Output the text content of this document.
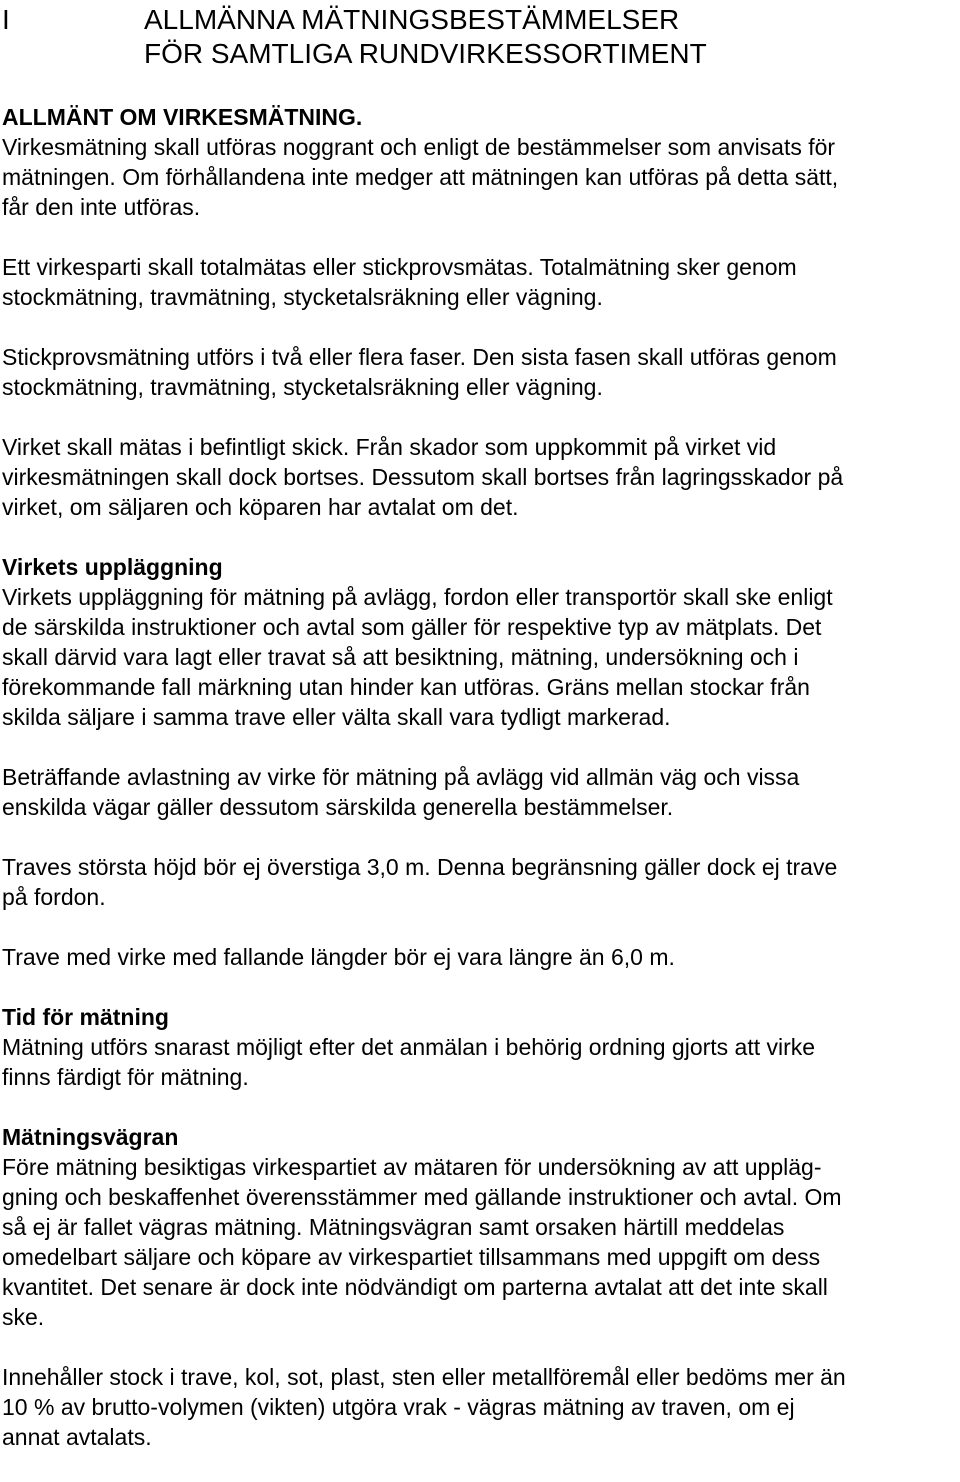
I	ALLMÄNNA MÄTNINGSBESTÄMMELSER
FÖR SAMTLIGA RUNDVIRKESSORTIMENT
ALLMÄNT OM VIRKESMÄTNING.
Virkesmätning skall utföras noggrant och enligt de bestämmelser som anvisats för
mätningen. Om förhållandena inte medger att mätningen kan utföras på detta sätt,
får den inte utföras.
Ett virkesparti skall totalmätas eller stickprovsmätas. Totalmätning sker genom
stockmätning, travmätning, stycketalsräkning eller vägning.
Stickprovsmätning utförs i två eller flera faser. Den sista fasen skall utföras genom
stockmätning, travmätning, stycketalsräkning eller vägning.
Virket skall mätas i befintligt skick. Från skador som uppkommit på virket vid
virkesmätningen skall dock bortses. Dessutom skall bortses från lagringsskador på
virket, om säljaren och köparen har avtalat om det.
Virkets uppläggning
Virkets uppläggning för mätning på avlägg, fordon eller transportör skall ske enligt
de särskilda instruktioner och avtal som gäller för respektive typ av mätplats. Det
skall därvid vara lagt eller travat så att besiktning, mätning, undersökning och i
förekommande fall märkning utan hinder kan utföras. Gräns mellan stockar från
skilda säljare i samma trave eller välta skall vara tydligt markerad.
Beträffande avlastning av virke för mätning på avlägg vid allmän väg och vissa
enskilda vägar gäller dessutom särskilda generella bestämmelser.
Traves största höjd bör ej överstiga 3,0 m. Denna begränsning gäller dock ej trave
på fordon.
Trave med virke med fallande längder bör ej vara längre än 6,0 m.
Tid för mätning
Mätning utförs snarast möjligt efter det anmälan i behörig ordning gjorts att virke
finns färdigt för mätning.
Mätningsvägran
Före mätning besiktigas virkespartiet av mätaren för undersökning av att uppläg-
gning och beskaffenhet överensstämmer med gällande instruktioner och avtal. Om
så ej är fallet vägras mätning. Mätningsvägran samt orsaken härtill meddelas
omedelbart säljare och köpare av virkespartiet tillsammans med uppgift om dess
kvantitet. Det senare är dock inte nödvändigt om parterna avtalat att det inte skall
ske.
Innehåller stock i trave, kol, sot, plast, sten eller metallföremål eller bedöms mer än
10 % av brutto-volymen (vikten) utgöra vrak - vägras mätning av traven, om ej
annat avtalats.
